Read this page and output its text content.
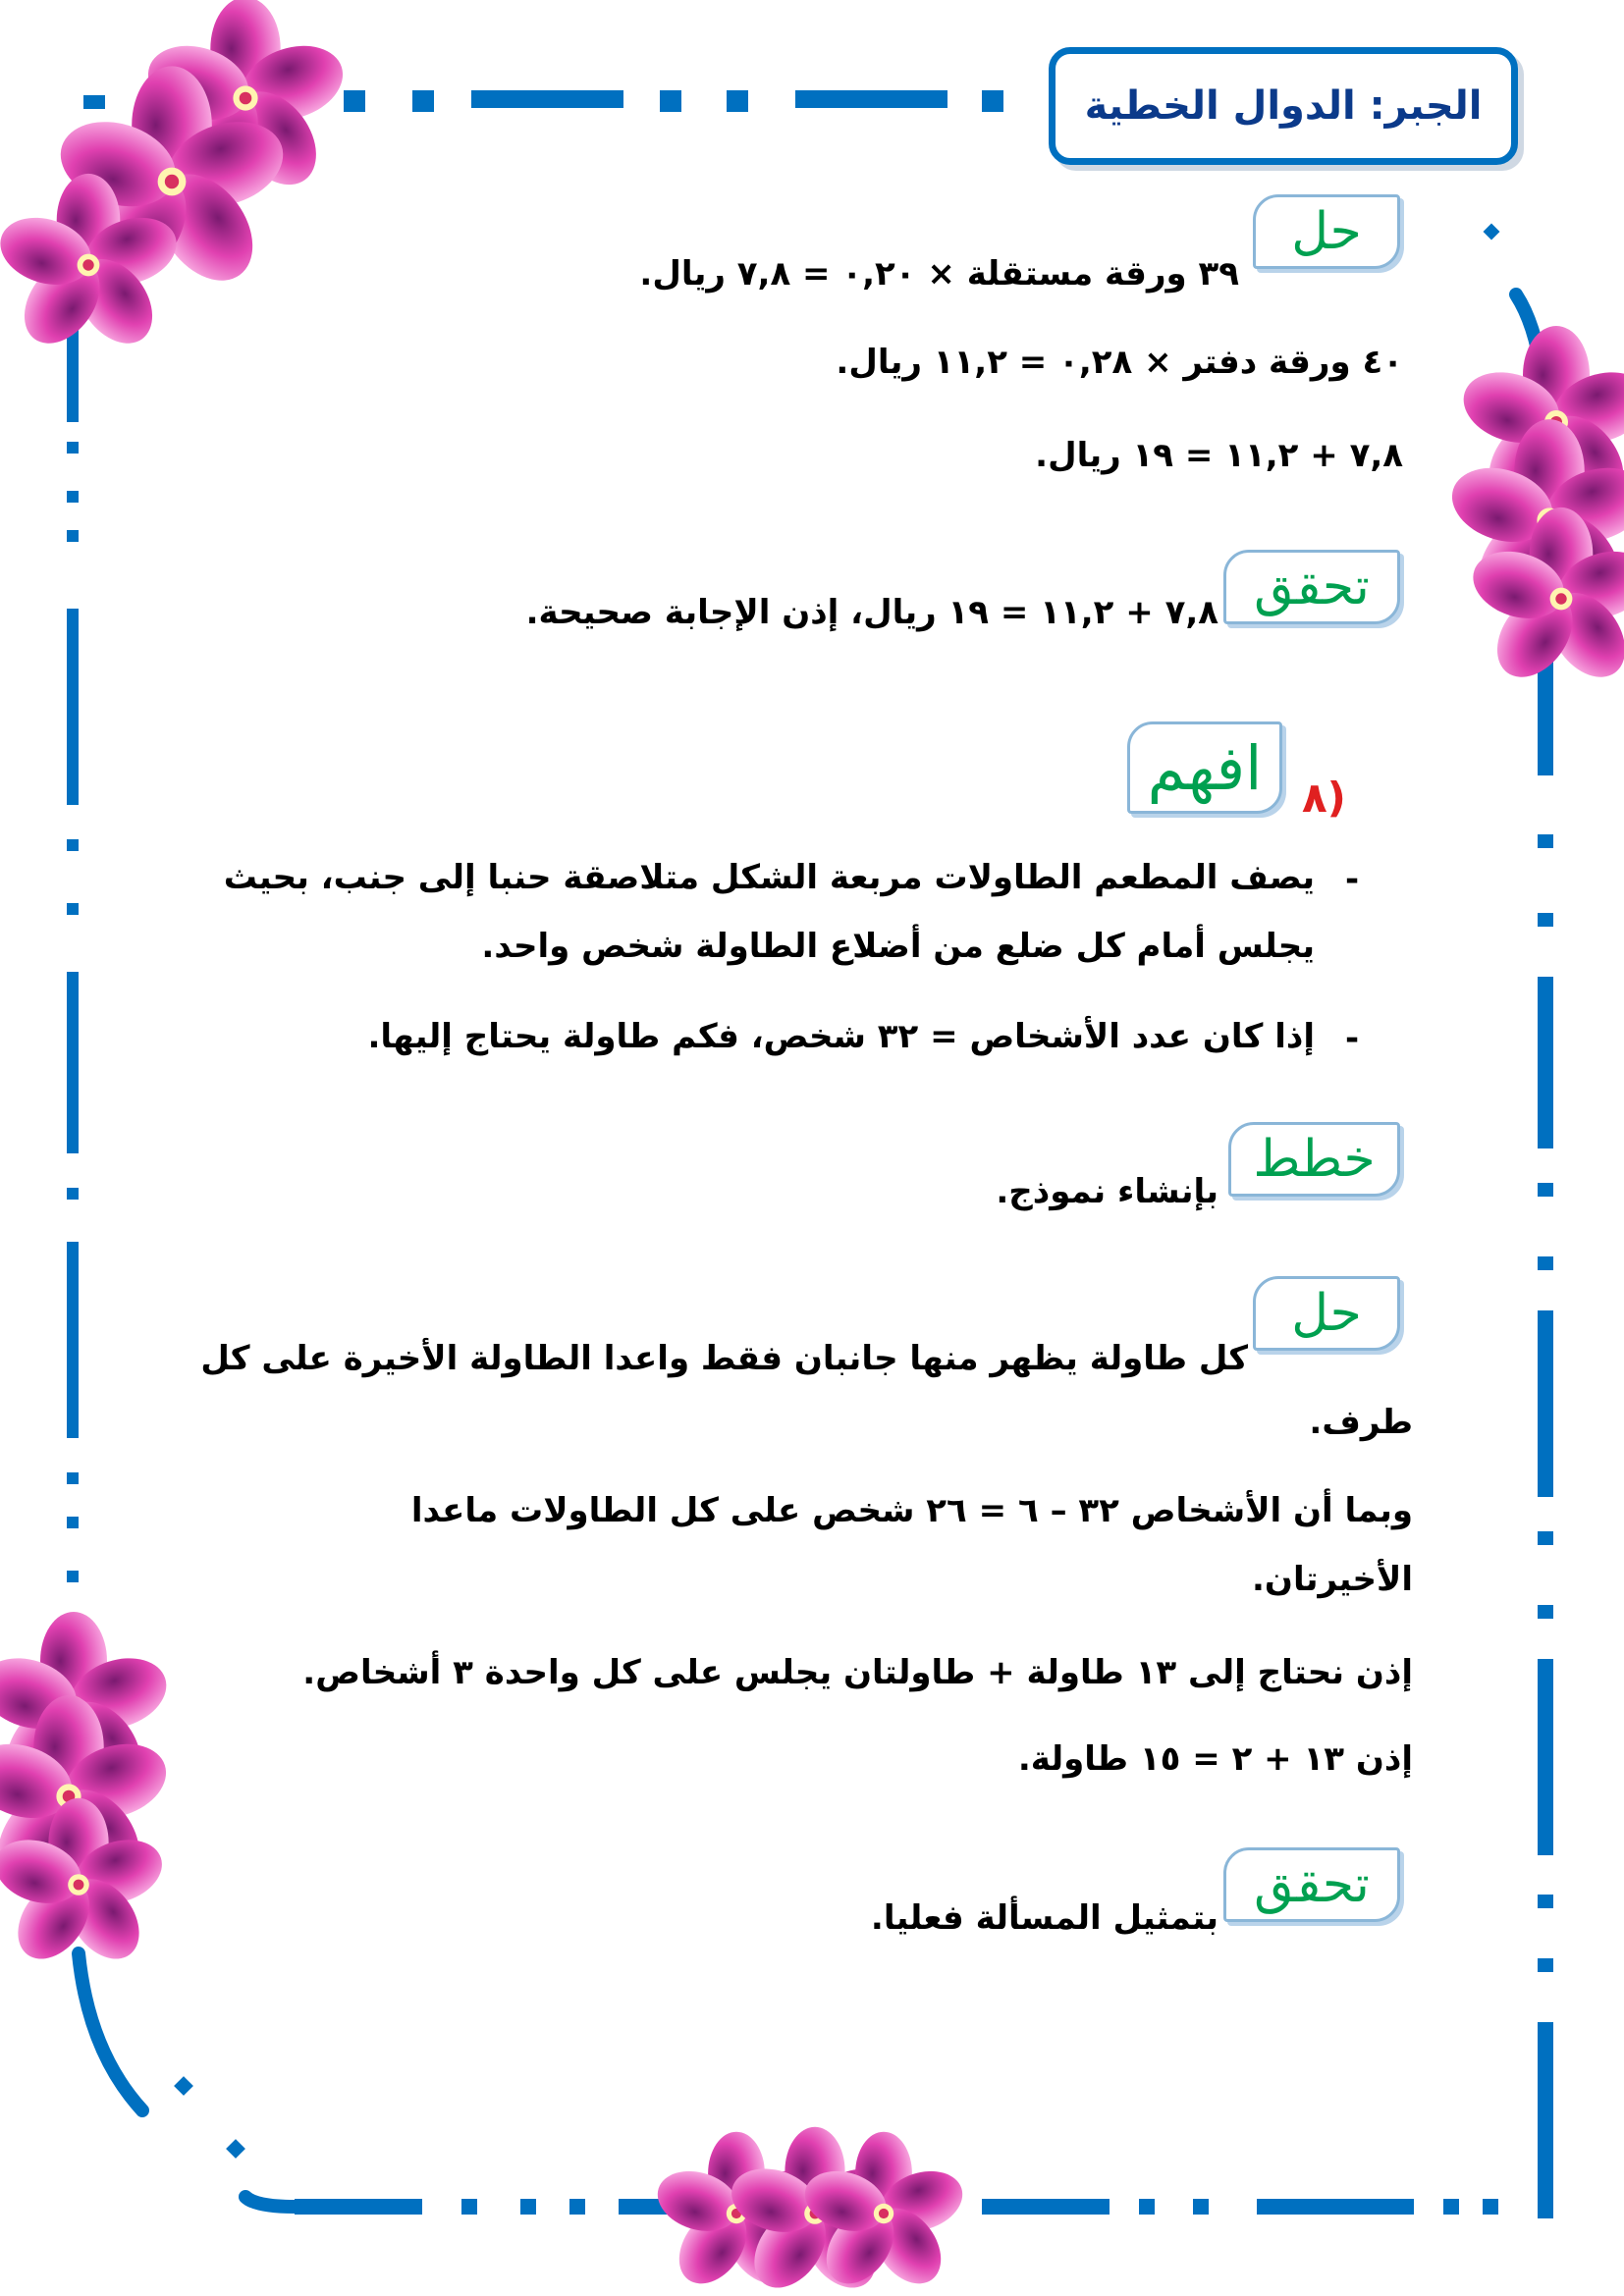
الجبر: الدوال الخطية
حل
٣٩ ورقة مستقلة × ٠,٢٠ = ٧,٨ ريال.
٤٠ ورقة دفتر × ٠,٢٨ = ١١,٢ ريال.
٧,٨ + ١١,٢ = ١٩ ريال.
تحقق
٧,٨ + ١١,٢ = ١٩ ريال، إذن الإجابة صحيحة.
٨)
افهم
-
يصف المطعم الطاولات مربعة الشكل متلاصقة حنبا إلى جنب، بحيث
يجلس أمام كل ضلع من أضلاع الطاولة شخص واحد.
-
إذا كان عدد الأشخاص = ٣٢ شخص، فكم طاولة يحتاج إليها.
خطط
بإنشاء نموذج.
حل
كل طاولة يظهر منها جانبان فقط واعدا الطاولة الأخيرة على كل
طرف.
وبما أن الأشخاص ٣٢ – ٦ = ٢٦ شخص على كل الطاولات ماعدا
الأخيرتان.
إذن نحتاج إلى ١٣ طاولة + طاولتان يجلس على كل واحدة ٣ أشخاص.
إذن ١٣ + ٢ = ١٥ طاولة.
تحقق
بتمثيل المسألة فعليا.
